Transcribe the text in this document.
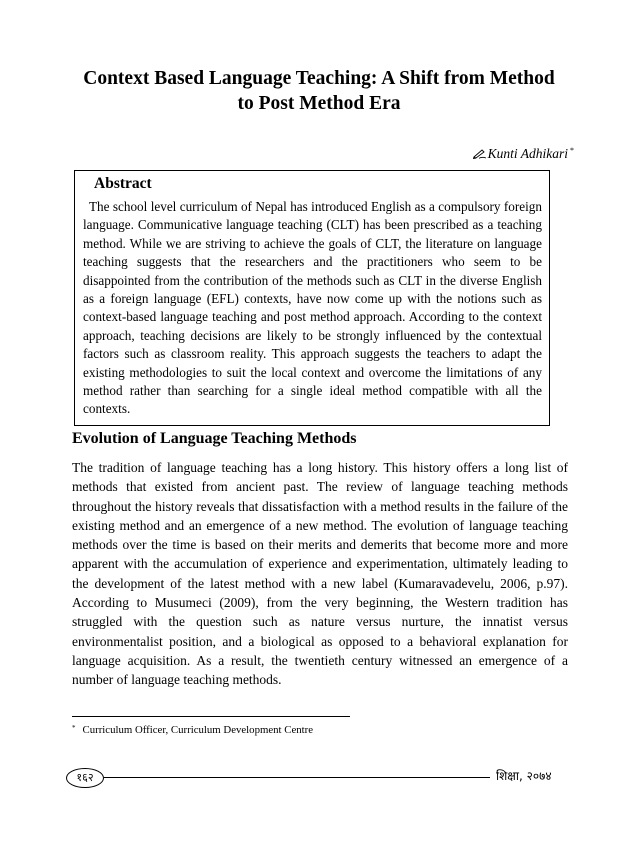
Context Based Language Teaching: A Shift from Method
to Post Method Era
Kunti Adhikari *
Abstract

The school level curriculum of Nepal has introduced English as a compulsory foreign language. Communicative language teaching (CLT) has been prescribed as a teaching method. While we are striving to achieve the goals of CLT, the literature on language teaching suggests that the researchers and the practitioners who seem to be disappointed from the contribution of the methods such as CLT in the diverse English as a foreign language (EFL) contexts, have now come up with the notions such as context-based language teaching and post method approach. According to the context approach, teaching decisions are likely to be strongly influenced by the contextual factors such as classroom reality. This approach suggests the teachers to adapt the existing methodologies to suit the local context and overcome the limitations of any method rather than searching for a single ideal method compatible with all the contexts.

Evolution of Language Teaching Methods

The tradition of language teaching has a long history. This history offers a long list of methods that existed from ancient past. The review of language teaching methods throughout the history reveals that dissatisfaction with a method results in the failure of the existing method and an emergence of a new method. The evolution of language teaching methods over the time is based on their merits and demerits that become more and more apparent with the accumulation of experience and experimentation, ultimately leading to the development of the latest method with a new label (Kumaravadevelu, 2006, p.97). According to Musumeci (2009), from the very beginning, the Western tradition has struggled with the question such as nature versus nurture, the innatist versus environmentalist position, and a biological as opposed to a behavioral explanation for language acquisition. As a result, the twentieth century witnessed an emergence of a number of language teaching methods.

* Curriculum Officer, Curriculum Development Centre
१६२	शिक्षा, २०७४
